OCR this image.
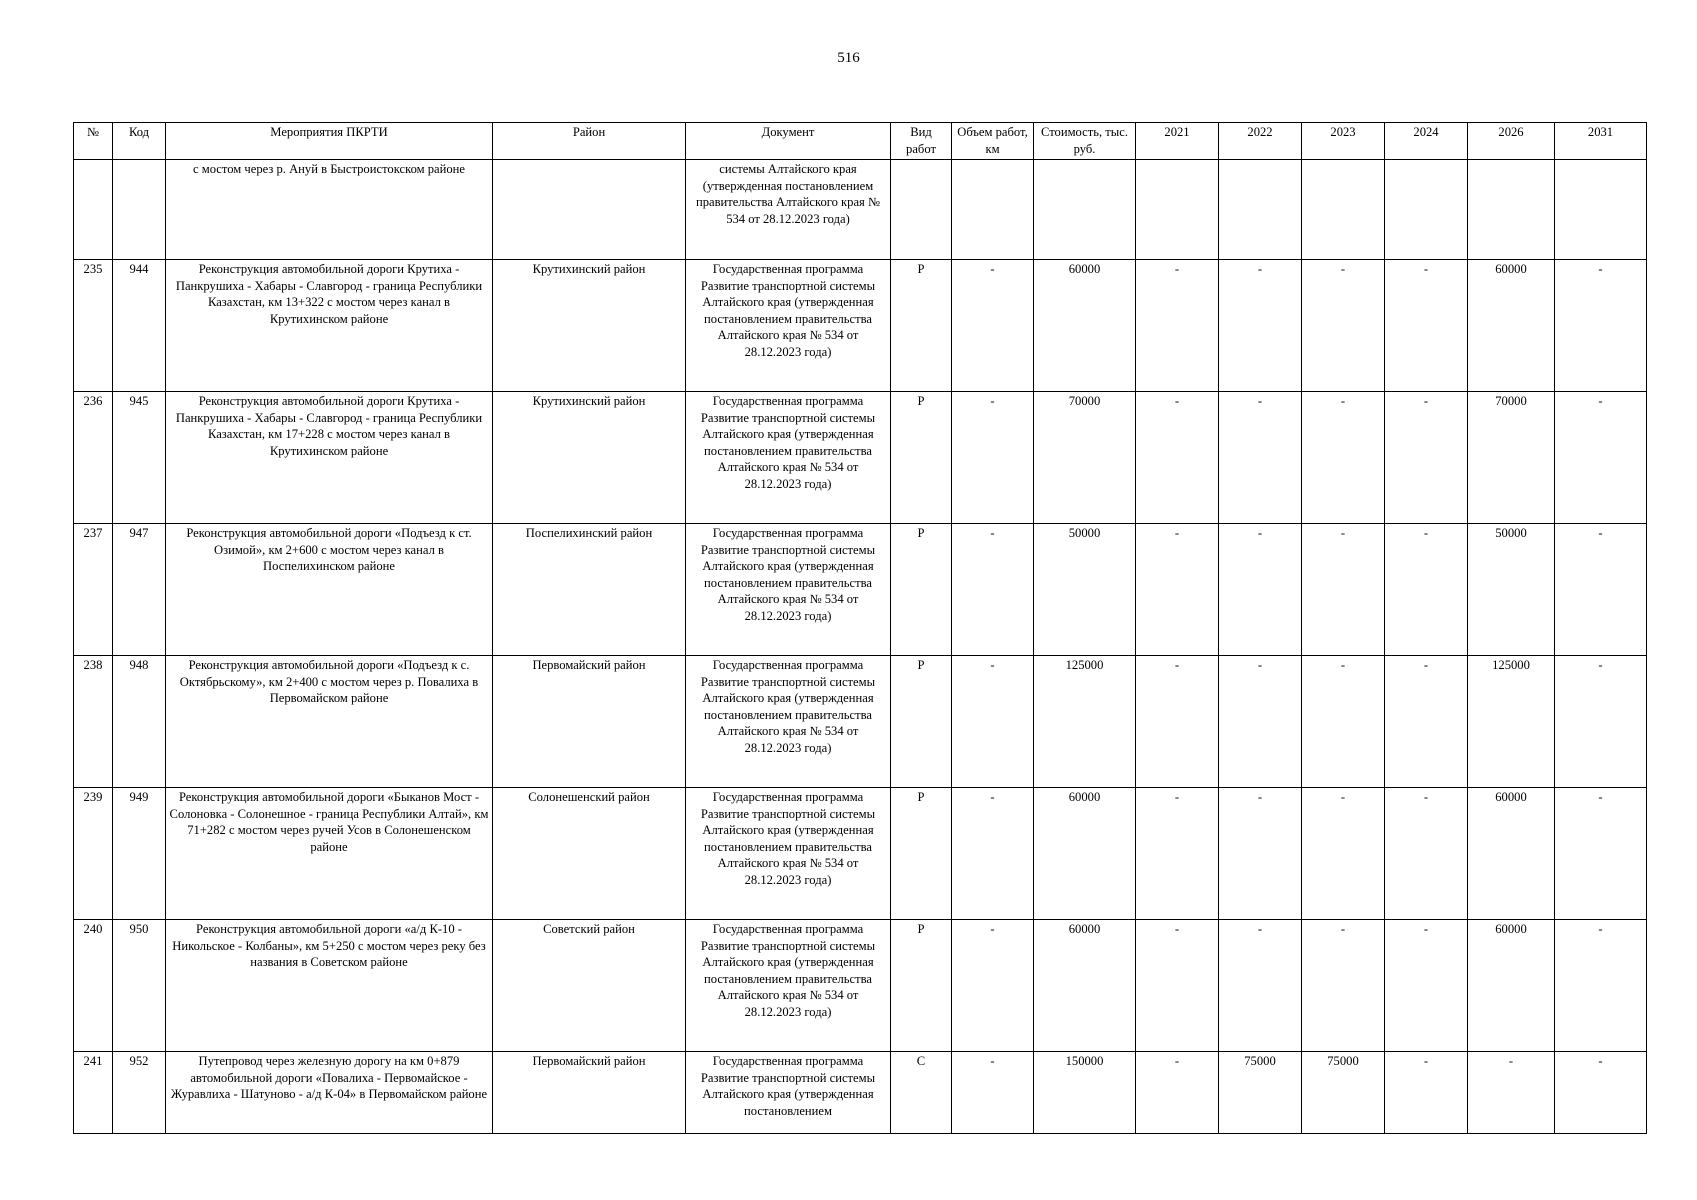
516
№	Код	Мероприятия ПКРТИ	Район	Документ	Вид работ	Объем работ, км	Стоимость, тыс. руб.	2021	2022	2023	2024	2026	2031
		с мостом через р. Ануй в Быстроистокском районе		системы Алтайского края (утвержденная постановлением правительства Алтайского края № 534 от 28.12.2023 года)									
235	944	Реконструкция автомобильной дороги Крутиха - Панкрушиха - Хабары - Славгород - граница Республики Казахстан, км 13+322 с мостом через канал в Крутихинском районе	Крутихинский район	Государственная программа Развитие транспортной системы Алтайского края (утвержденная постановлением правительства Алтайского края № 534 от 28.12.2023 года)	Р	-	60000	-	-	-	-	60000	-
236	945	Реконструкция автомобильной дороги Крутиха - Панкрушиха - Хабары - Славгород - граница Республики Казахстан, км 17+228 с мостом через канал в Крутихинском районе	Крутихинский район	Государственная программа Развитие транспортной системы Алтайского края (утвержденная постановлением правительства Алтайского края № 534 от 28.12.2023 года)	Р	-	70000	-	-	-	-	70000	-
237	947	Реконструкция автомобильной дороги «Подъезд к ст. Озимой», км 2+600 с мостом через канал в Поспелихинском районе	Поспелихинский район	Государственная программа Развитие транспортной системы Алтайского края (утвержденная постановлением правительства Алтайского края № 534 от 28.12.2023 года)	Р	-	50000	-	-	-	-	50000	-
238	948	Реконструкция автомобильной дороги «Подъезд к с. Октябрьскому», км 2+400 с мостом через р. Повалиха в Первомайском районе	Первомайский район	Государственная программа Развитие транспортной системы Алтайского края (утвержденная постановлением правительства Алтайского края № 534 от 28.12.2023 года)	Р	-	125000	-	-	-	-	125000	-
239	949	Реконструкция автомобильной дороги «Быканов Мост - Солоновка - Солонешное - граница Республики Алтай», км 71+282 с мостом через ручей Усов в Солонешенском районе	Солонешенский район	Государственная программа Развитие транспортной системы Алтайского края (утвержденная постановлением правительства Алтайского края № 534 от 28.12.2023 года)	Р	-	60000	-	-	-	-	60000	-
240	950	Реконструкция автомобильной дороги «а/д К-10 - Никольское - Колбаны», км 5+250 с мостом через реку без названия в Советском районе	Советский район	Государственная программа Развитие транспортной системы Алтайского края (утвержденная постановлением правительства Алтайского края № 534 от 28.12.2023 года)	Р	-	60000	-	-	-	-	60000	-
241	952	Путепровод через железную дорогу на км 0+879 автомобильной дороги «Повалиха - Первомайское - Журавлиха - Шатуново - а/д К-04» в Первомайском районе	Первомайский район	Государственная программа Развитие транспортной системы Алтайского края (утвержденная постановлением	С	-	150000	-	75000	75000	-	-	-
